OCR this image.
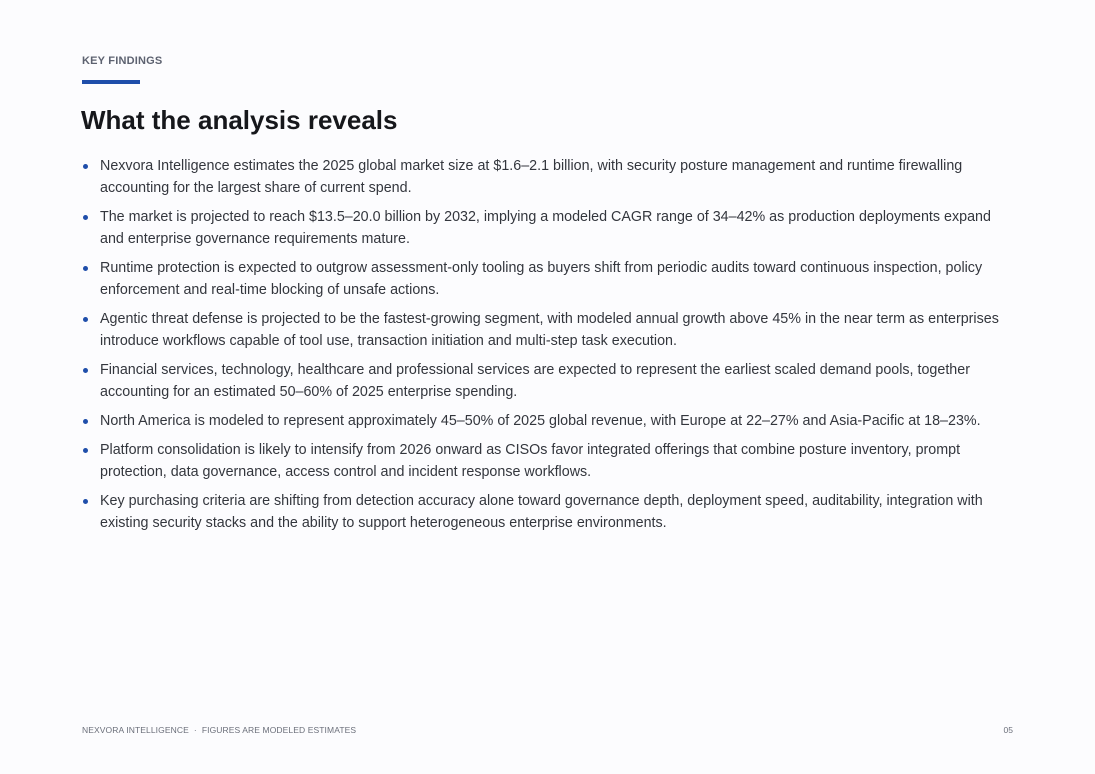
KEY FINDINGS
What the analysis reveals
Nexvora Intelligence estimates the 2025 global market size at $1.6–2.1 billion, with security posture management and runtime firewalling accounting for the largest share of current spend.
The market is projected to reach $13.5–20.0 billion by 2032, implying a modeled CAGR range of 34–42% as production deployments expand and enterprise governance requirements mature.
Runtime protection is expected to outgrow assessment-only tooling as buyers shift from periodic audits toward continuous inspection, policy enforcement and real-time blocking of unsafe actions.
Agentic threat defense is projected to be the fastest-growing segment, with modeled annual growth above 45% in the near term as enterprises introduce workflows capable of tool use, transaction initiation and multi-step task execution.
Financial services, technology, healthcare and professional services are expected to represent the earliest scaled demand pools, together accounting for an estimated 50–60% of 2025 enterprise spending.
North America is modeled to represent approximately 45–50% of 2025 global revenue, with Europe at 22–27% and Asia-Pacific at 18–23%.
Platform consolidation is likely to intensify from 2026 onward as CISOs favor integrated offerings that combine posture inventory, prompt protection, data governance, access control and incident response workflows.
Key purchasing criteria are shifting from detection accuracy alone toward governance depth, deployment speed, auditability, integration with existing security stacks and the ability to support heterogeneous enterprise environments.
NEXVORA INTELLIGENCE · FIGURES ARE MODELED ESTIMATES	05
